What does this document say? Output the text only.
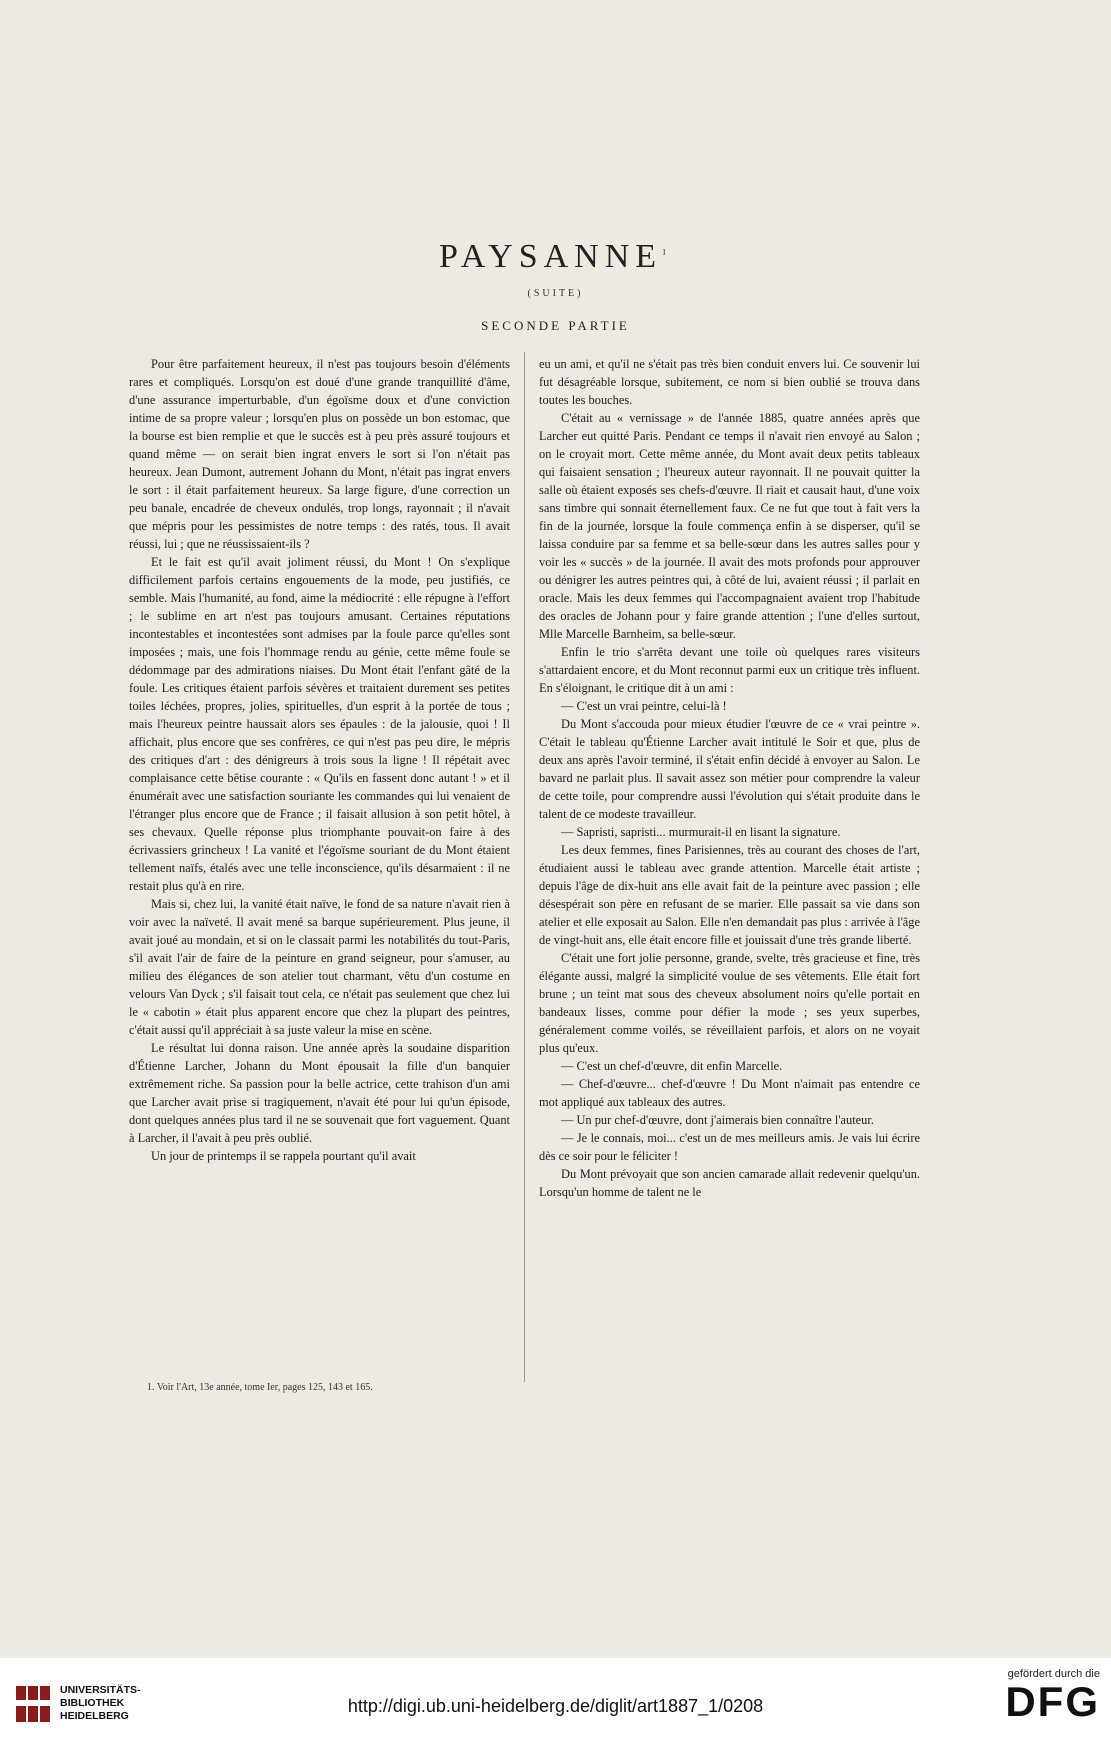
PAYSANNE$^1$
(SUITE)
SECONDE PARTIE

Pour être parfaitement heureux, il n'est pas toujours besoin d'éléments rares et compliqués. Lorsqu'on est doué d'une grande tranquillité d'âme, d'une assurance imperturbable, d'un égoïsme doux et d'une conviction intime de sa propre valeur ; lorsqu'en plus on possède un bon estomac, que la bourse est bien remplie et que le succès est à peu près assuré toujours et quand même — on serait bien ingrat envers le sort si l'on n'était pas heureux. Jean Dumont, autrement Johann du Mont, n'était pas ingrat envers le sort : il était parfaitement heureux. Sa large figure, d'une correction un peu banale, encadrée de cheveux ondulés, trop longs, rayonnait ; il n'avait que mépris pour les pessimistes de notre temps : des ratés, tous. Il avait réussi, lui ; que ne réussissaient-ils ?

Et le fait est qu'il avait joliment réussi, du Mont ! On s'explique difficilement parfois certains engouements de la mode, peu justifiés, ce semble. Mais l'humanité, au fond, aime la médiocrité : elle répugne à l'effort ; le sublime en art n'est pas toujours amusant. Certaines réputations incontestables et incontestées sont admises par la foule parce qu'elles sont imposées ; mais, une fois l'hommage rendu au génie, cette même foule se dédommage par des admirations niaises. Du Mont était l'enfant gâté de la foule. Les critiques étaient parfois sévères et traitaient durement ses petites toiles léchées, propres, jolies, spirituelles, d'un esprit à la portée de tous ; mais l'heureux peintre haussait alors ses épaules : de la jalousie, quoi ! Il affichait, plus encore que ses confrères, ce qui n'est pas peu dire, le mépris des critiques d'art : des dénigreurs à trois sous la ligne ! Il répétait avec complaisance cette bêtise courante : « Qu'ils en fassent donc autant ! » et il énumérait avec une satisfaction souriante les commandes qui lui venaient de l'étranger plus encore que de France ; il faisait allusion à son petit hôtel, à ses chevaux. Quelle réponse plus triomphante pouvait-on faire à des écrivassiers grincheux ! La vanité et l'égoïsme souriant de du Mont étaient tellement naïfs, étalés avec une telle inconscience, qu'ils désarmaient : il ne restait plus qu'à en rire.

Mais si, chez lui, la vanité était naïve, le fond de sa nature n'avait rien à voir avec la naïveté. Il avait mené sa barque supérieurement. Plus jeune, il avait joué au mondain, et si on le classait parmi les notabilités du tout-Paris, s'il avait l'air de faire de la peinture en grand seigneur, pour s'amuser, au milieu des élégances de son atelier tout charmant, vêtu d'un costume en velours Van Dyck ; s'il faisait tout cela, ce n'était pas seulement que chez lui le « cabotin » était plus apparent encore que chez la plupart des peintres, c'était aussi qu'il appréciait à sa juste valeur la mise en scène.

Le résultat lui donna raison. Une année après la soudaine disparition d'Étienne Larcher, Johann du Mont épousait la fille d'un banquier extrêmement riche. Sa passion pour la belle actrice, cette trahison d'un ami que Larcher avait prise si tragiquement, n'avait été pour lui qu'un épisode, dont quelques années plus tard il ne se souvenait que fort vaguement. Quant à Larcher, il l'avait à peu près oublié.

Un jour de printemps il se rappela pourtant qu'il avait

eu un ami, et qu'il ne s'était pas très bien conduit envers lui. Ce souvenir lui fut désagréable lorsque, subitement, ce nom si bien oublié se trouva dans toutes les bouches.

C'était au « vernissage » de l'année 1885, quatre années après que Larcher eut quitté Paris. Pendant ce temps il n'avait rien envoyé au Salon ; on le croyait mort. Cette même année, du Mont avait deux petits tableaux qui faisaient sensation ; l'heureux auteur rayonnait. Il ne pouvait quitter la salle où étaient exposés ses chefs-d'œuvre. Il riait et causait haut, d'une voix sans timbre qui sonnait éternellement faux. Ce ne fut que tout à fait vers la fin de la journée, lorsque la foule commença enfin à se disperser, qu'il se laissa conduire par sa femme et sa belle-sœur dans les autres salles pour y voir les « succès » de la journée. Il avait des mots profonds pour approuver ou dénigrer les autres peintres qui, à côté de lui, avaient réussi ; il parlait en oracle. Mais les deux femmes qui l'accompagnaient avaient trop l'habitude des oracles de Johann pour y faire grande attention ; l'une d'elles surtout, Mlle Marcelle Barnheim, sa belle-sœur.

Enfin le trio s'arrêta devant une toile où quelques rares visiteurs s'attardaient encore, et du Mont reconnut parmi eux un critique très influent. En s'éloignant, le critique dit à un ami :

— C'est un vrai peintre, celui-là !

Du Mont s'accouda pour mieux étudier l'œuvre de ce « vrai peintre ». C'était le tableau qu'Étienne Larcher avait intitulé le Soir et que, plus de deux ans après l'avoir terminé, il s'était enfin décidé à envoyer au Salon. Le bavard ne parlait plus. Il savait assez son métier pour comprendre la valeur de cette toile, pour comprendre aussi l'évolution qui s'était produite dans le talent de ce modeste travailleur.

— Sapristi, sapristi... murmurait-il en lisant la signature.

Les deux femmes, fines Parisiennes, très au courant des choses de l'art, étudiaient aussi le tableau avec grande attention. Marcelle était artiste ; depuis l'âge de dix-huit ans elle avait fait de la peinture avec passion ; elle désespérait son père en refusant de se marier. Elle passait sa vie dans son atelier et elle exposait au Salon. Elle n'en demandait pas plus : arrivée à l'âge de vingt-huit ans, elle était encore fille et jouissait d'une très grande liberté.

C'était une fort jolie personne, grande, svelte, très gracieuse et fine, très élégante aussi, malgré la simplicité voulue de ses vêtements. Elle était fort brune ; un teint mat sous des cheveux absolument noirs qu'elle portait en bandeaux lisses, comme pour défier la mode ; ses yeux superbes, généralement comme voilés, se réveillaient parfois, et alors on ne voyait plus qu'eux.

— C'est un chef-d'œuvre, dit enfin Marcelle.

— Chef-d'œuvre... chef-d'œuvre ! Du Mont n'aimait pas entendre ce mot appliqué aux tableaux des autres.

— Un pur chef-d'œuvre, dont j'aimerais bien connaître l'auteur.

— Je le connais, moi... c'est un de mes meilleurs amis. Je vais lui écrire dès ce soir pour le féliciter !

Du Mont prévoyait que son ancien camarade allait redevenir quelqu'un. Lorsqu'un homme de talent ne le

1. Voir l'Art, 13e année, tome Ier, pages 125, 143 et 165.
UNIVERSITÄTS-
BIBLIOTHEK
HEIDELBERG	http://digi.ub.uni-heidelberg.de/diglit/art1887_1/0208
gefördert durch die
DFG
